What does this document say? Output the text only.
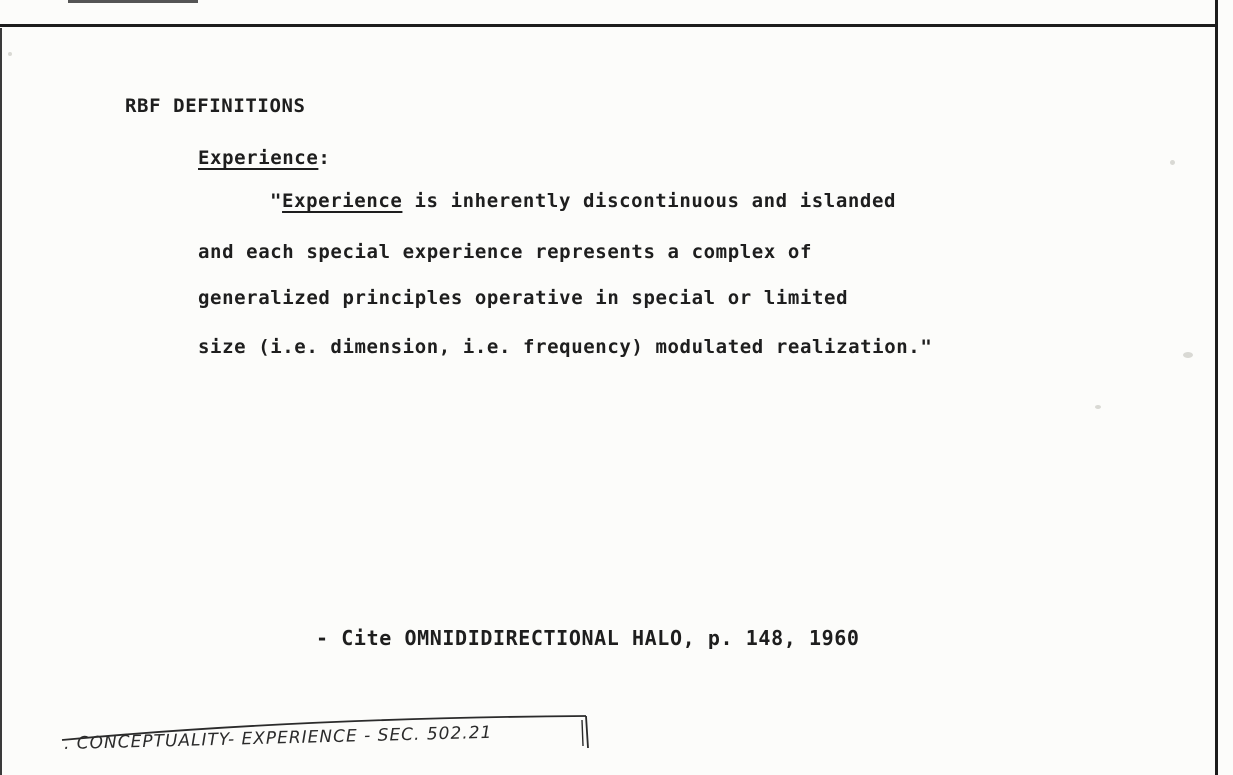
RBF DEFINITIONS

Experience:

"Experience is inherently discontinuous and islanded

and each special experience represents a complex of

generalized principles operative in special or limited

size (i.e. dimension, i.e. frequency) modulated realization."

- Cite OMNIDIDIRECTIONAL HALO, p. 148, 1960

. CONCEPTUALITY- EXPERIENCE - SEC. 502.21
